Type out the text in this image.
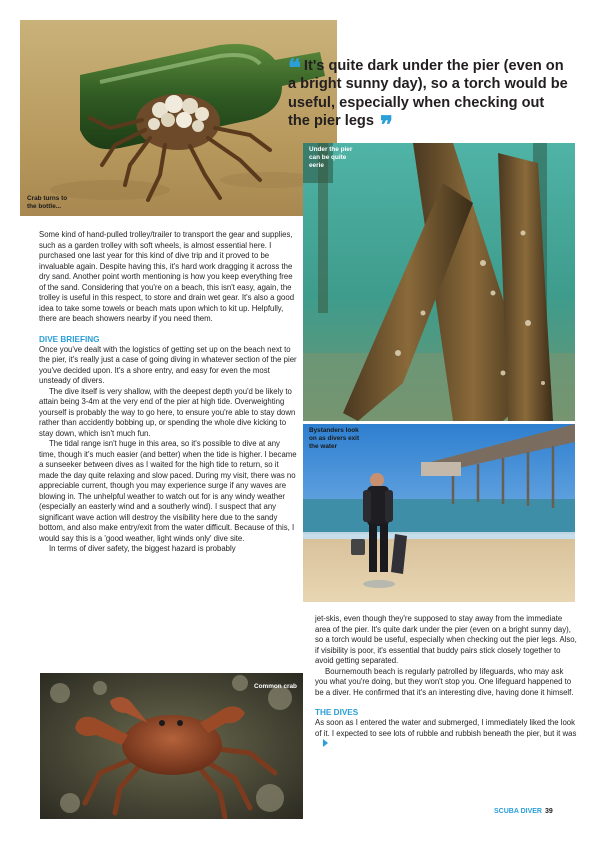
Crab turns to the bottle...
❝ It's quite dark under the pier (even on a bright sunny day), so a torch would be useful, especially when checking out the pier legs ❞
Under the pier can be quite eerie
Bystanders look on as divers exit the water
Common crab

Some kind of hand-pulled trolley/trailer to transport the gear and supplies, such as a garden trolley with soft wheels, is almost essential here. I purchased one last year for this kind of dive trip and it proved to be invaluable again. Despite having this, it's hard work dragging it across the dry sand. Another point worth mentioning is how you keep everything free of the sand. Considering that you're on a beach, this isn't easy, again, the trolley is useful in this respect, to store and drain wet gear. It's also a good idea to take some towels or beach mats upon which to kit up. Helpfully, there are beach showers nearby if you need them.

DIVE BRIEFING

Once you've dealt with the logistics of getting set up on the beach next to the pier, it's really just a case of going diving in whatever section of the pier you've decided upon. It's a shore entry, and easy for even the most unsteady of divers.

The dive itself is very shallow, with the deepest depth you'd be likely to attain being 3-4m at the very end of the pier at high tide. Overweighting yourself is probably the way to go here, to ensure you're able to stay down rather than accidently bobbing up, or spending the whole dive kicking to stay down, which isn't much fun.

The tidal range isn't huge in this area, so it's possible to dive at any time, though it's much easier (and better) when the tide is higher. I became a sunseeker between dives as I waited for the high tide to return, so it made the day quite relaxing and slow paced. During my visit, there was no appreciable current, though you may experience surge if any waves are blowing in. The unhelpful weather to watch out for is any windy weather (especially an easterly wind and a southerly wind). I suspect that any significant wave action will destroy the visibility here due to the sandy bottom, and also make entry/exit from the water difficult. Because of this, I would say this is a 'good weather, light winds only' dive site.

In terms of diver safety, the biggest hazard is probably

jet-skis, even though they're supposed to stay away from the immediate area of the pier. It's quite dark under the pier (even on a bright sunny day), so a torch would be useful, especially when checking out the pier legs. Also, if visibility is poor, it's essential that buddy pairs stick closely together to avoid getting separated.

Bournemouth beach is regularly patrolled by lifeguards, who may ask you what you're doing, but they won't stop you. One lifeguard happened to be a diver. He confirmed that it's an interesting dive, having done it himself.

THE DIVES

As soon as I entered the water and submerged, I immediately liked the look of it. I expected to see lots of rubble and rubbish beneath the pier, but it was

SCUBA DIVER 39
